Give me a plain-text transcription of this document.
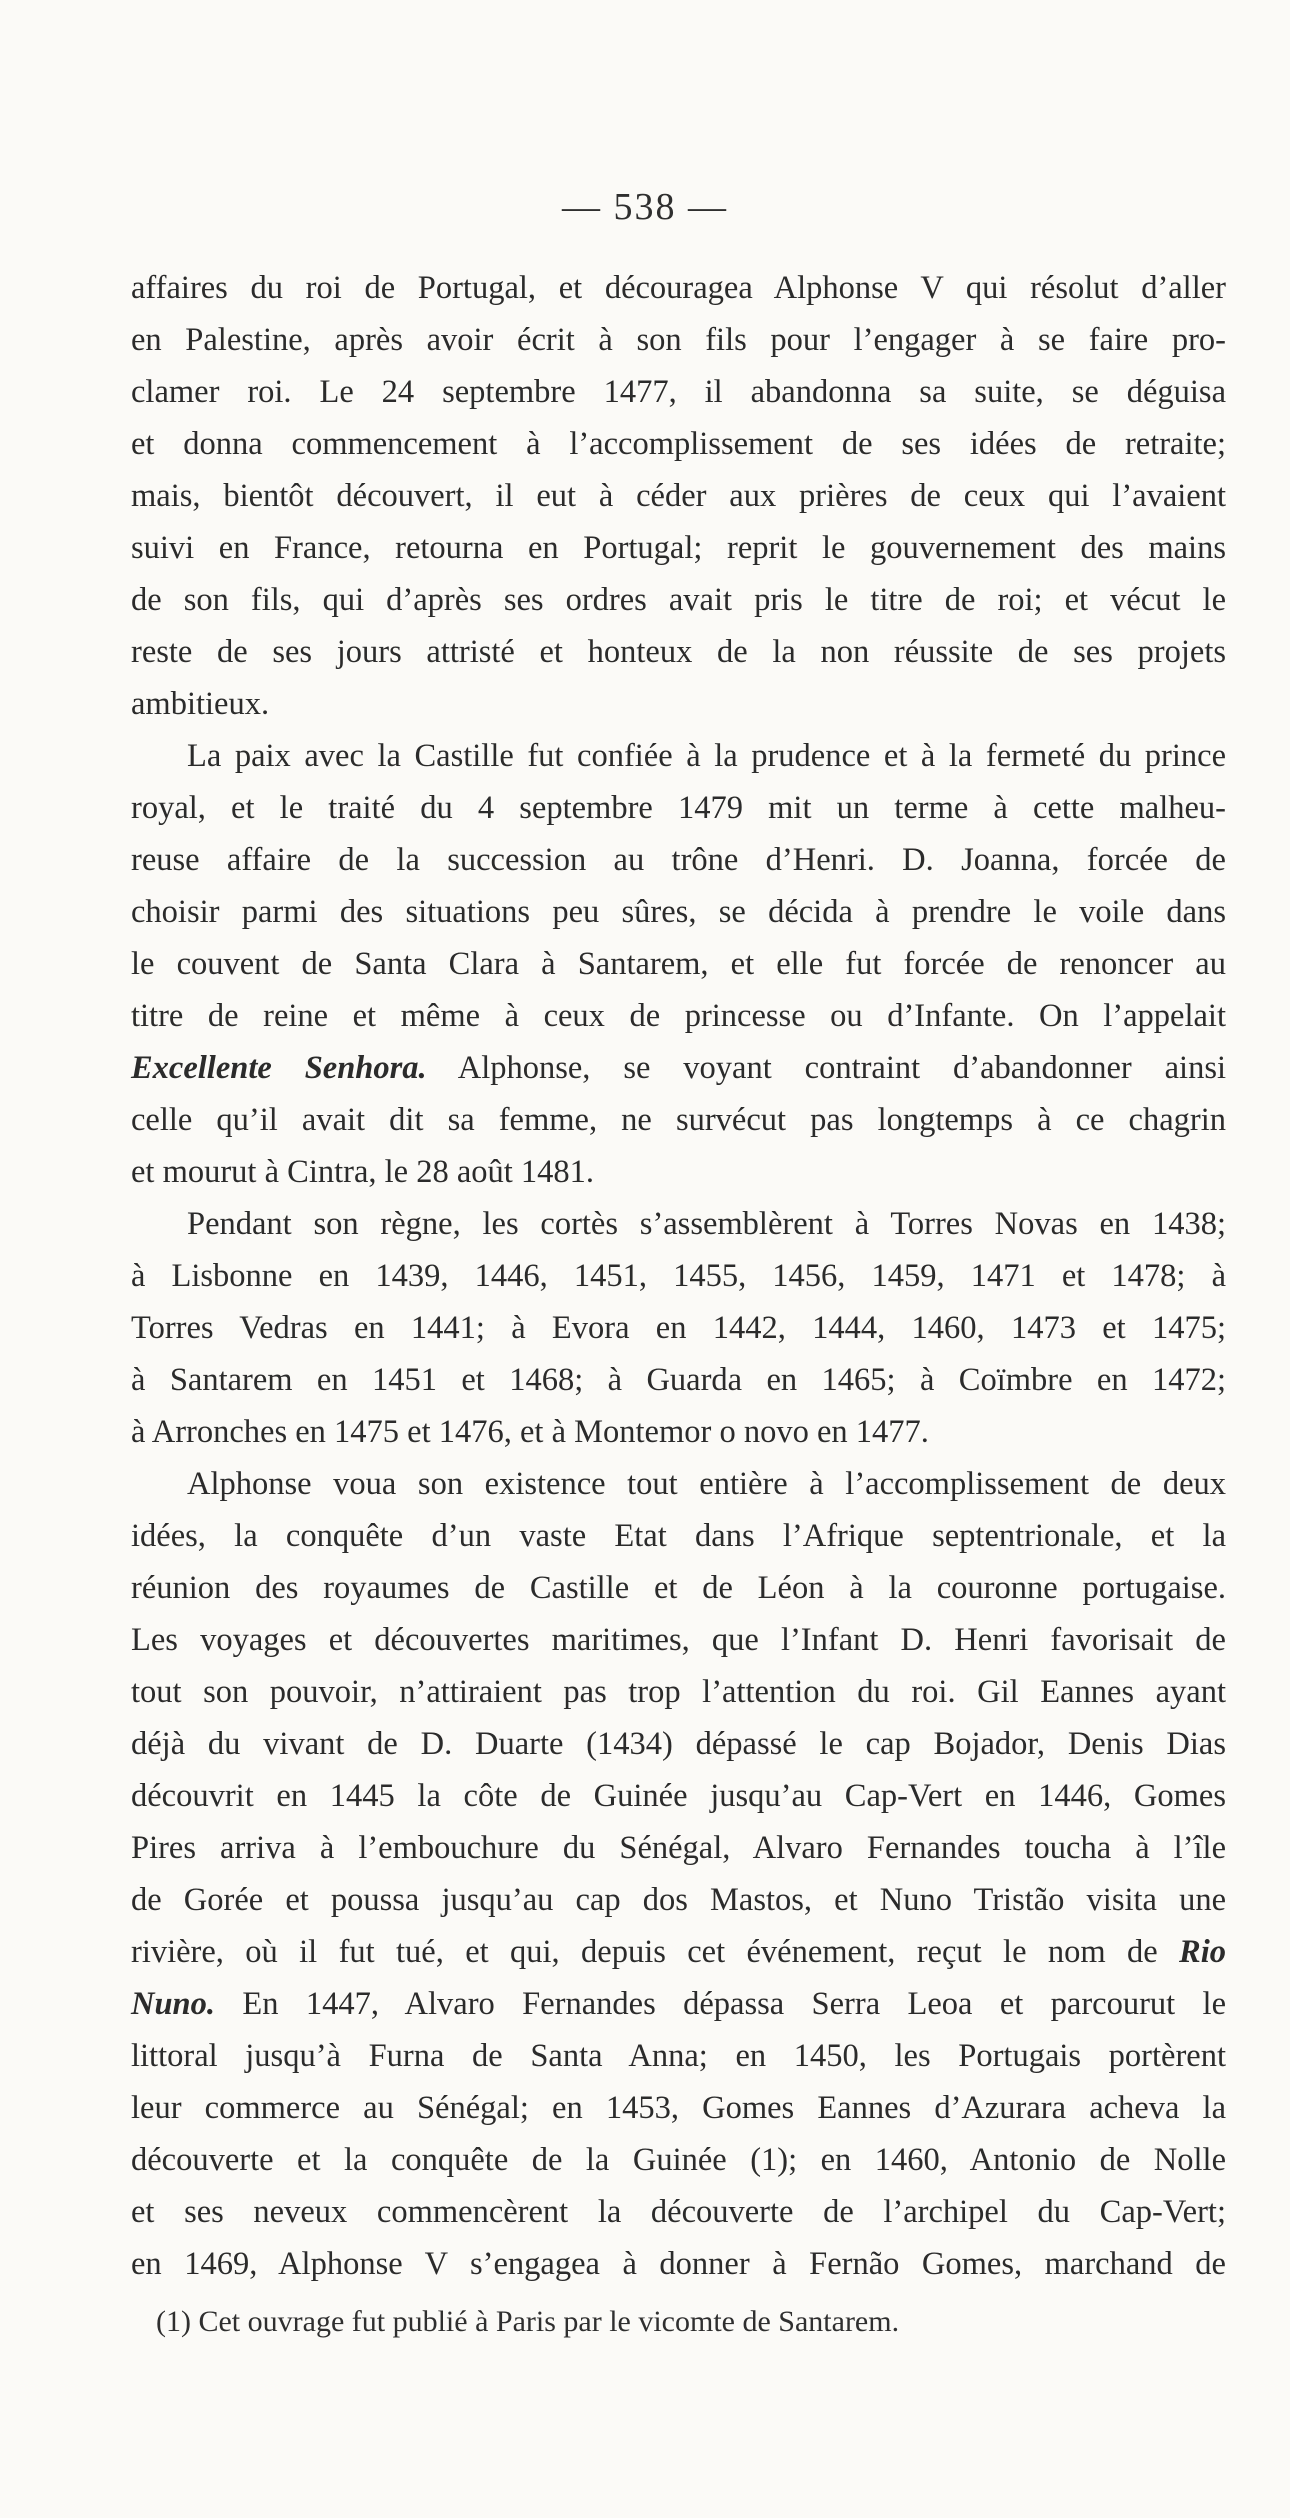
— 538 —
affaires du roi de Portugal, et découragea Alphonse V qui résolut d’aller
en Palestine, après avoir écrit à son fils pour l’engager à se faire pro-
clamer roi. Le 24 septembre 1477, il abandonna sa suite, se déguisa
et donna commencement à l’accomplissement de ses idées de retraite;
mais, bientôt découvert, il eut à céder aux prières de ceux qui l’avaient
suivi en France, retourna en Portugal; reprit le gouvernement des mains
de son fils, qui d’après ses ordres avait pris le titre de roi; et vécut le
reste de ses jours attristé et honteux de la non réussite de ses projets
ambitieux.
La paix avec la Castille fut confiée à la prudence et à la fermeté du prince
royal, et le traité du 4 septembre 1479 mit un terme à cette malheu-
reuse affaire de la succession au trône d’Henri. D. Joanna, forcée de
choisir parmi des situations peu sûres, se décida à prendre le voile dans
le couvent de Santa Clara à Santarem, et elle fut forcée de renoncer au
titre de reine et même à ceux de princesse ou d’Infante. On l’appelait
Excellente Senhora. Alphonse, se voyant contraint d’abandonner ainsi
celle qu’il avait dit sa femme, ne survécut pas longtemps à ce chagrin
et mourut à Cintra, le 28 août 1481.
Pendant son règne, les cortès s’assemblèrent à Torres Novas en 1438;
à Lisbonne en 1439, 1446, 1451, 1455, 1456, 1459, 1471 et 1478; à
Torres Vedras en 1441; à Evora en 1442, 1444, 1460, 1473 et 1475;
à Santarem en 1451 et 1468; à Guarda en 1465; à Coïmbre en 1472;
à Arronches en 1475 et 1476, et à Montemor o novo en 1477.
Alphonse voua son existence tout entière à l’accomplissement de deux
idées, la conquête d’un vaste Etat dans l’Afrique septentrionale, et la
réunion des royaumes de Castille et de Léon à la couronne portugaise.
Les voyages et découvertes maritimes, que l’Infant D. Henri favorisait de
tout son pouvoir, n’attiraient pas trop l’attention du roi. Gil Eannes ayant
déjà du vivant de D. Duarte (1434) dépassé le cap Bojador, Denis Dias
découvrit en 1445 la côte de Guinée jusqu’au Cap-Vert en 1446, Gomes
Pires arriva à l’embouchure du Sénégal, Alvaro Fernandes toucha à l’île
de Gorée et poussa jusqu’au cap dos Mastos, et Nuno Tristão visita une
rivière, où il fut tué, et qui, depuis cet événement, reçut le nom de Rio
Nuno. En 1447, Alvaro Fernandes dépassa Serra Leoa et parcourut le
littoral jusqu’à Furna de Santa Anna; en 1450, les Portugais portèrent
leur commerce au Sénégal; en 1453, Gomes Eannes d’Azurara acheva la
découverte et la conquête de la Guinée (1); en 1460, Antonio de Nolle
et ses neveux commencèrent la découverte de l’archipel du Cap-Vert;
en 1469, Alphonse V s’engagea à donner à Fernão Gomes, marchand de
(1) Cet ouvrage fut publié à Paris par le vicomte de Santarem.
